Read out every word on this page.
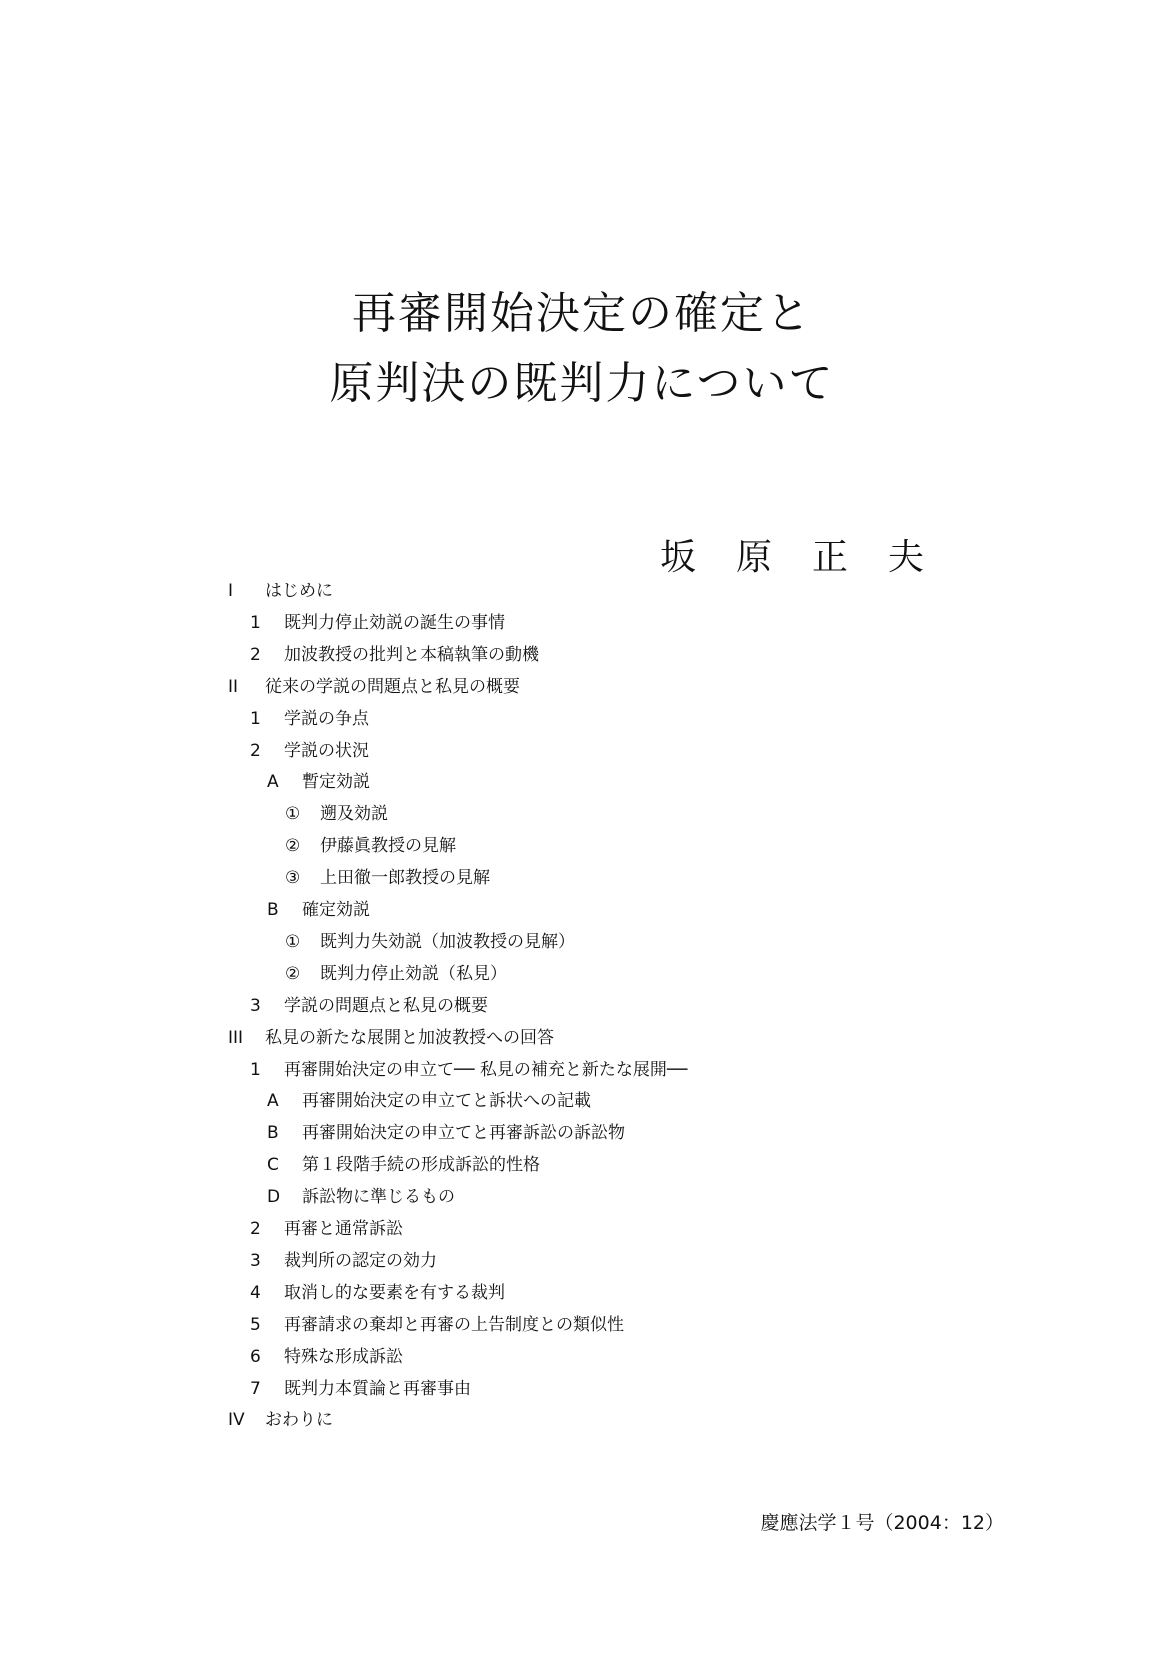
再審開始決定の確定と
原判決の既判力について

坂原正夫

I はじめに
1 既判力停止効説の誕生の事情
2 加波教授の批判と本稿執筆の動機
II 従来の学説の問題点と私見の概要
1 学説の争点
2 学説の状況
A 暫定効説
① 遡及効説
② 伊藤眞教授の見解
③ 上田徹一郎教授の見解
B 確定効説
① 既判力失効説（加波教授の見解）
② 既判力停止効説（私見）
3 学説の問題点と私見の概要
III 私見の新たな展開と加波教授への回答
1 再審開始決定の申立て── 私見の補充と新たな展開──
A 再審開始決定の申立てと訴状への記載
B 再審開始決定の申立てと再審訴訟の訴訟物
C 第１段階手続の形成訴訟的性格
D 訴訟物に準じるもの
2 再審と通常訴訟
3 裁判所の認定の効力
4 取消し的な要素を有する裁判
5 再審請求の棄却と再審の上告制度との類似性
6 特殊な形成訴訟
7 既判力本質論と再審事由
IV おわりに

慶應法学１号（2004：12）
